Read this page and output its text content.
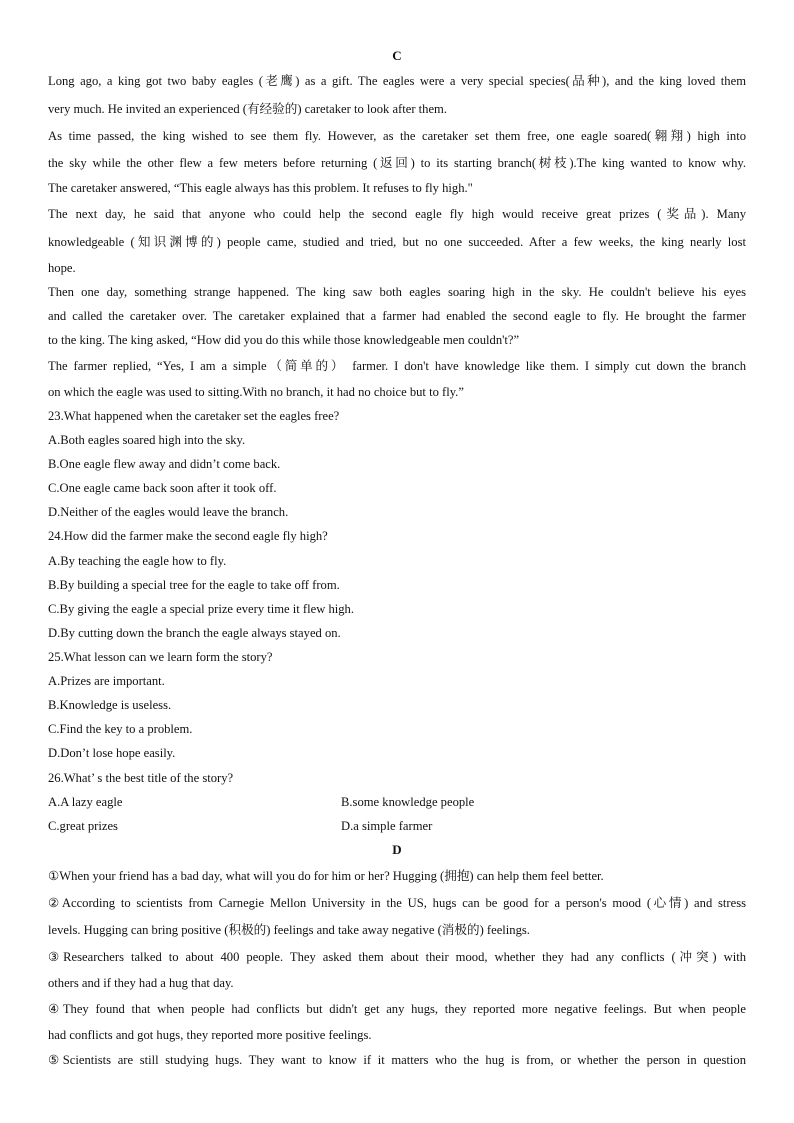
C
Long ago, a king got two baby eagles (老鹰) as a gift. The eagles were a very special species(品种), and the king loved them
very much. He invited an experienced (有经验的) caretaker to look after them.
As time passed, the king wished to see them fly. However, as the caretaker set them free, one eagle soared(翱翔) high into
the sky while the other flew a few meters before returning (返回) to its starting branch(树枝).The king wanted to know why.
The caretaker answered, “This eagle always has this problem. It refuses to fly high."
The next day, he said that anyone who could help the second eagle fly high would receive great prizes (奖品). Many
knowledgeable (知识渊博的) people came, studied and tried, but no one succeeded. After a few weeks, the king nearly lost
hope.
Then one day, something strange happened. The king saw both eagles soaring high in the sky. He couldn't believe his eyes
and called the caretaker over. The caretaker explained that a farmer had enabled the second eagle to fly. He brought the farmer
to the king. The king asked, “How did you do this while those knowledgeable men couldn't?”
The farmer replied, “Yes, I am a simple（简单的） farmer. I don't have knowledge like them. I simply cut down the branch
on which the eagle was used to sitting.With no branch, it had no choice but to fly.”
23.What happened when the caretaker set the eagles free?
A.Both eagles soared high into the sky.
B.One eagle flew away and didn’t come back.
C.One eagle came back soon after it took off.
D.Neither of the eagles would leave the branch.
24.How did the farmer make the second eagle fly high?
A.By teaching the eagle how to fly.
B.By building a special tree for the eagle to take off from.
C.By giving the eagle a special prize every time it flew high.
D.By cutting down the branch the eagle always stayed on.
25.What lesson can we learn form the story?
A.Prizes are important.
B.Knowledge is useless.
C.Find the key to a problem.
D.Don’t lose hope easily.
26.What’ s the best title of the story?
A.A lazy eagle	B.some knowledge people
C.great prizes	D.a simple farmer
D
①When your friend has a bad day, what will you do for him or her? Hugging (拥抱) can help them feel better.
②According to scientists from Carnegie Mellon University in the US, hugs can be good for a person's mood (心情) and stress
levels. Hugging can bring positive (积极的) feelings and take away negative (消极的) feelings.
③Researchers talked to about 400 people. They asked them about their mood, whether they had any conflicts (冲突) with
others and if they had a hug that day.
④They found that when people had conflicts but didn't get any hugs, they reported more negative feelings. But when people
had conflicts and got hugs, they reported more positive feelings.
⑤Scientists are still studying hugs. They want to know if it matters who the hug is from, or whether the person in question
